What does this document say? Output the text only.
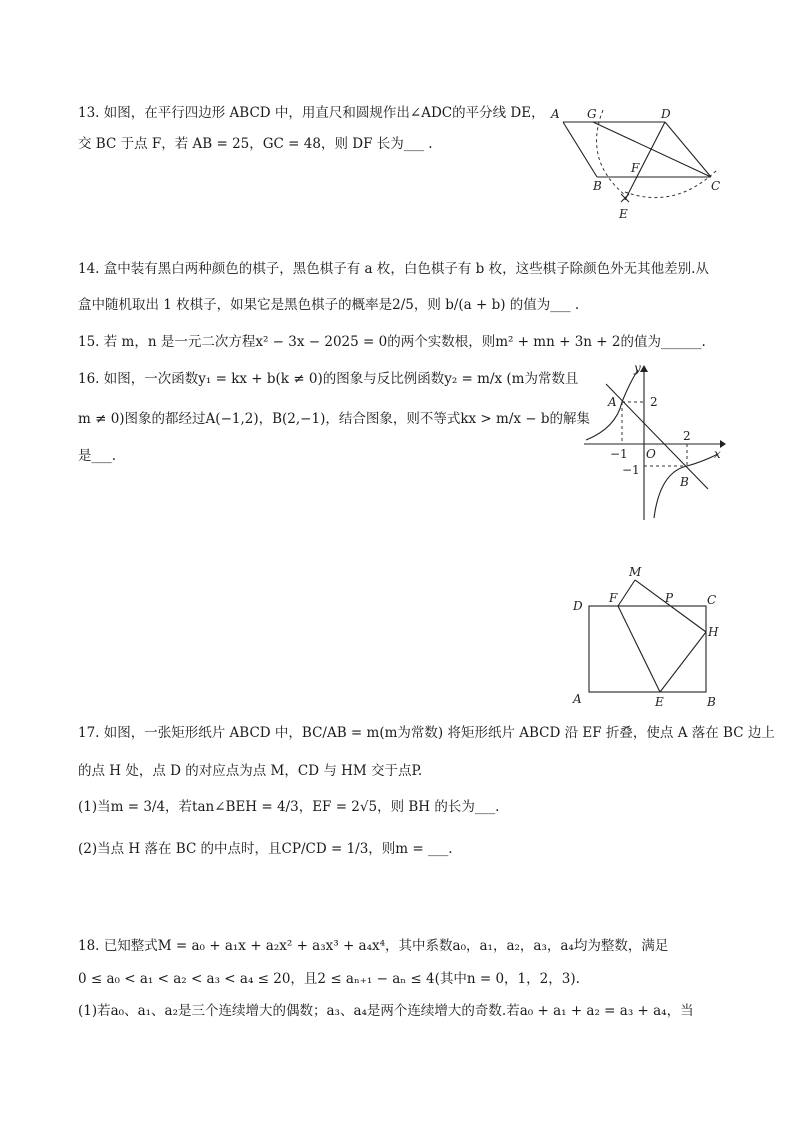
13. 如图，在平行四边形 ABCD 中，用直尺和圆规作出∠ADC的平分线 DE，
交 BC 于点 F，若 AB = 25，GC = 48，则 DF 长为___ .
A G	D
F
B	C
E
14. 盒中装有黑白两种颜色的棋子，黑色棋子有 a 枚，白色棋子有 b 枚，这些棋子除颜色外无其他差别.从
盒中随机取出 1 枚棋子，如果它是黑色棋子的概率是2/5，则 b/(a + b) 的值为___ .
15. 若 m，n 是一元二次方程x² − 3x − 2025 = 0的两个实数根，则m² + mn + 3n + 2的值为______.
16. 如图，一次函数y₁ = kx + b(k ≠ 0)的图象与反比例函数y₂ = m/x (m为常数且
m ≠ 0)图象的都经过A(−1,2)，B(2,−1)，结合图象，则不等式kx > m/x − b的解集
是___.
y
A	2
−1 O
2
x
−1
B
M
D
F	P	C
H
A	E	B
17. 如图，一张矩形纸片 ABCD 中，BC/AB = m(m为常数) 将矩形纸片 ABCD 沿 EF 折叠，使点 A 落在 BC 边上
的点 H 处，点 D 的对应点为点 M，CD 与 HM 交于点P.
(1)当m = 3/4，若tan∠BEH = 4/3，EF = 2√5，则 BH 的长为___.
(2)当点 H 落在 BC 的中点时，且CP/CD = 1/3，则m = ___.
18. 已知整式M = a₀ + a₁x + a₂x² + a₃x³ + a₄x⁴，其中系数a₀，a₁，a₂，a₃，a₄均为整数，满足
0 ≤ a₀ < a₁ < a₂ < a₃ < a₄ ≤ 20，且2 ≤ aₙ₊₁ − aₙ ≤ 4(其中n = 0，1，2，3).
(1)若a₀、a₁、a₂是三个连续增大的偶数；a₃、a₄是两个连续增大的奇数.若a₀ + a₁ + a₂ = a₃ + a₄，当
